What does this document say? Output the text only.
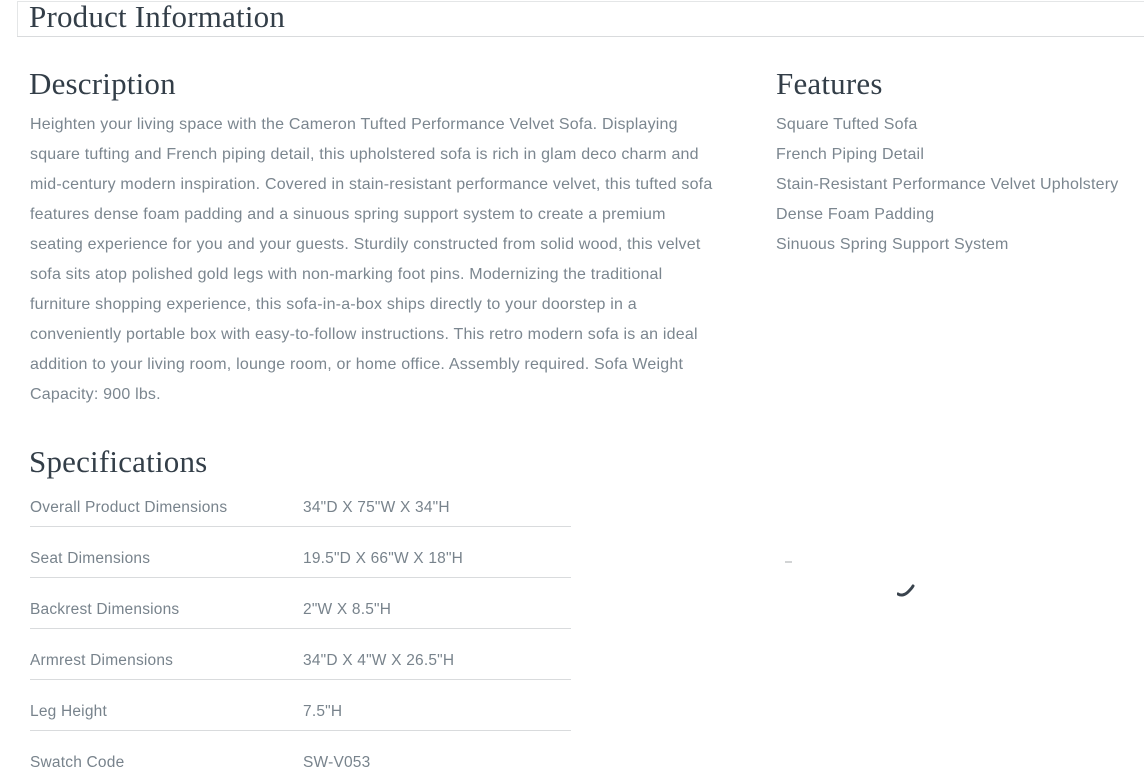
Product Information
Description

Heighten your living space with the Cameron Tufted Performance Velvet Sofa. Displaying square tufting and French piping detail, this upholstered sofa is rich in glam deco charm and mid-century modern inspiration. Covered in stain-resistant performance velvet, this tufted sofa features dense foam padding and a sinuous spring support system to create a premium seating experience for you and your guests. Sturdily constructed from solid wood, this velvet sofa sits atop polished gold legs with non-marking foot pins. Modernizing the traditional furniture shopping experience, this sofa-in-a-box ships directly to your doorstep in a conveniently portable box with easy-to-follow instructions. This retro modern sofa is an ideal addition to your living room, lounge room, or home office. Assembly required. Sofa Weight Capacity: 900 lbs.

Features
Square Tufted Sofa
French Piping Detail
Stain-Resistant Performance Velvet Upholstery
Dense Foam Padding
Sinuous Spring Support System
Specifications
Overall Product Dimensions	34"D X 75"W X 34"H
Seat Dimensions	19.5"D X 66"W X 18"H
Backrest Dimensions	2"W X 8.5"H
Armrest Dimensions	34"D X 4"W X 26.5"H
Leg Height	7.5"H
Swatch Code	SW-V053
